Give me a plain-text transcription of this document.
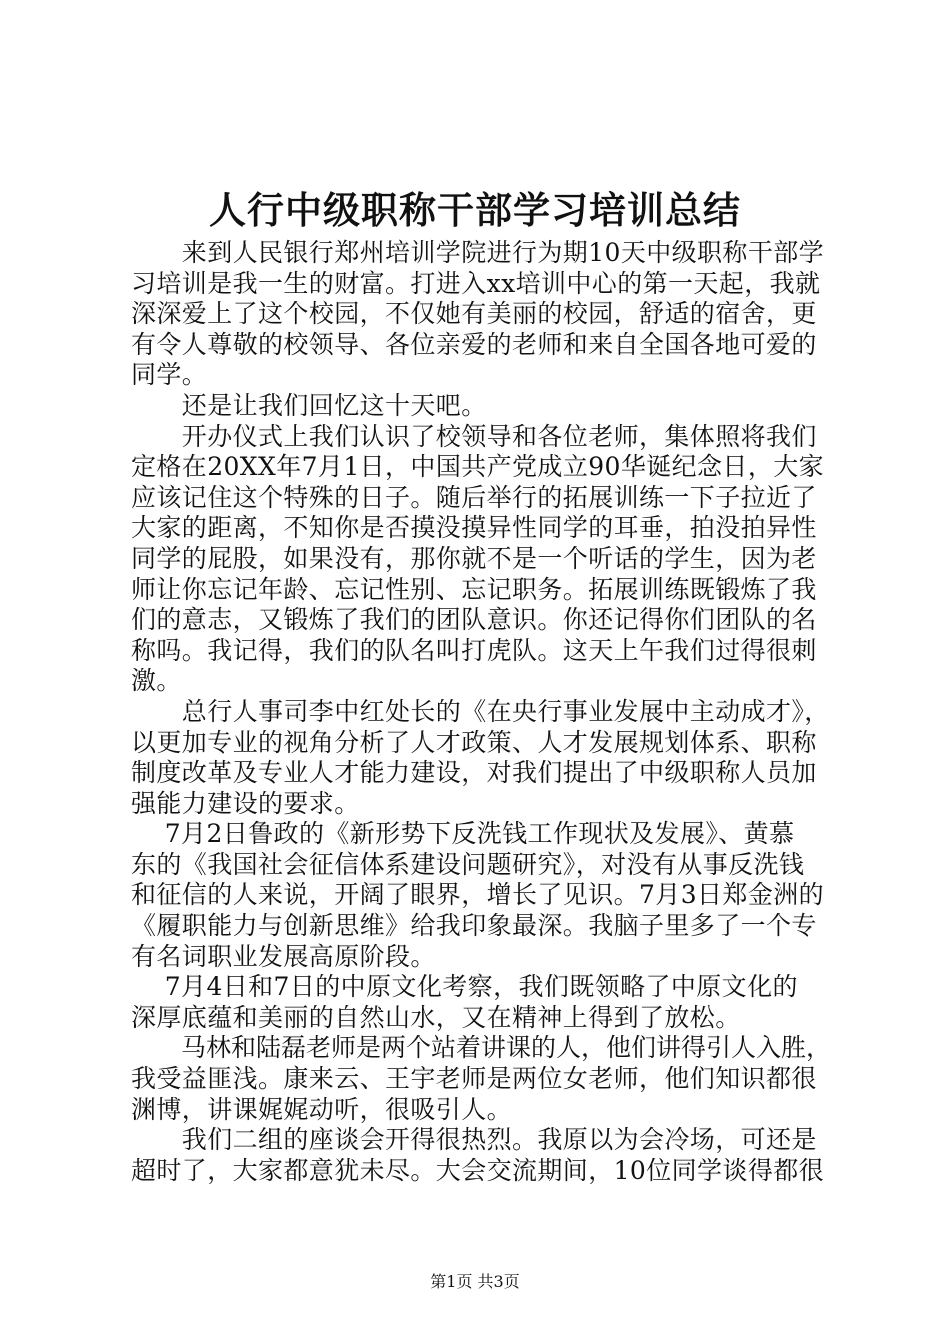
人行中级职称干部学习培训总结
　　来到人民银行郑州培训学院进行为期10天中级职称干部学
习培训是我一生的财富。打进入xx培训中心的第一天起，我就
深深爱上了这个校园，不仅她有美丽的校园，舒适的宿舍，更
有令人尊敬的校领导、各位亲爱的老师和来自全国各地可爱的
同学。
　　还是让我们回忆这十天吧。
　　开办仪式上我们认识了校领导和各位老师，集体照将我们
定格在20XX年7月1日，中国共产党成立90华诞纪念日，大家
应该记住这个特殊的日子。随后举行的拓展训练一下子拉近了
大家的距离，不知你是否摸没摸异性同学的耳垂，拍没拍异性
同学的屁股，如果没有，那你就不是一个听话的学生，因为老
师让你忘记年龄、忘记性别、忘记职务。拓展训练既锻炼了我
们的意志，又锻炼了我们的团队意识。你还记得你们团队的名
称吗。我记得，我们的队名叫打虎队。这天上午我们过得很刺
激。
　　总行人事司李中红处长的《在央行事业发展中主动成才》，
以更加专业的视角分析了人才政策、人才发展规划体系、职称
制度改革及专业人才能力建设，对我们提出了中级职称人员加
强能力建设的要求。
　 7月2日鲁政的《新形势下反洗钱工作现状及发展》、黄慕
东的《我国社会征信体系建设问题研究》，对没有从事反洗钱
和征信的人来说，开阔了眼界，增长了见识。7月3日郑金洲的
《履职能力与创新思维》给我印象最深。我脑子里多了一个专
有名词职业发展高原阶段。
　 7月4日和7日的中原文化考察，我们既领略了中原文化的
深厚底蕴和美丽的自然山水，又在精神上得到了放松。
　　马林和陆磊老师是两个站着讲课的人，他们讲得引人入胜，
我受益匪浅。康来云、王宇老师是两位女老师，他们知识都很
渊博，讲课娓娓动听，很吸引人。
　　我们二组的座谈会开得很热烈。我原以为会冷场，可还是
超时了，大家都意犹未尽。大会交流期间，10位同学谈得都很
第1页 共3页
